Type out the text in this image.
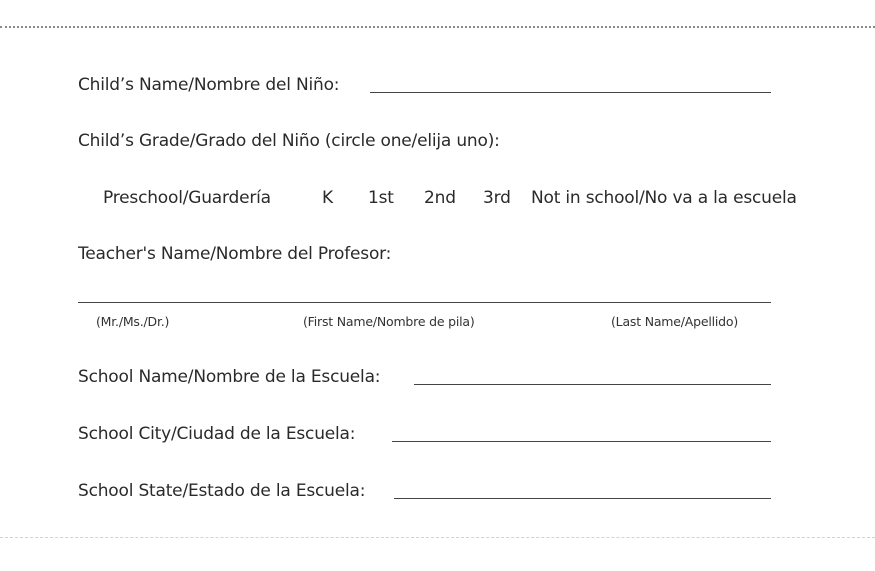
Child’s Name/Nombre del Niño:
Child’s Grade/Grado del Niño (circle one/elija uno):
Preschool/Guardería	K 1st 2nd 3rd Not in school/No va a la escuela
Teacher's Name/Nombre del Profesor:
(Mr./Ms./Dr.)	(First Name/Nombre de pila)	(Last Name/Apellido)
School Name/Nombre de la Escuela:
School City/Ciudad de la Escuela:
School State/Estado de la Escuela:
